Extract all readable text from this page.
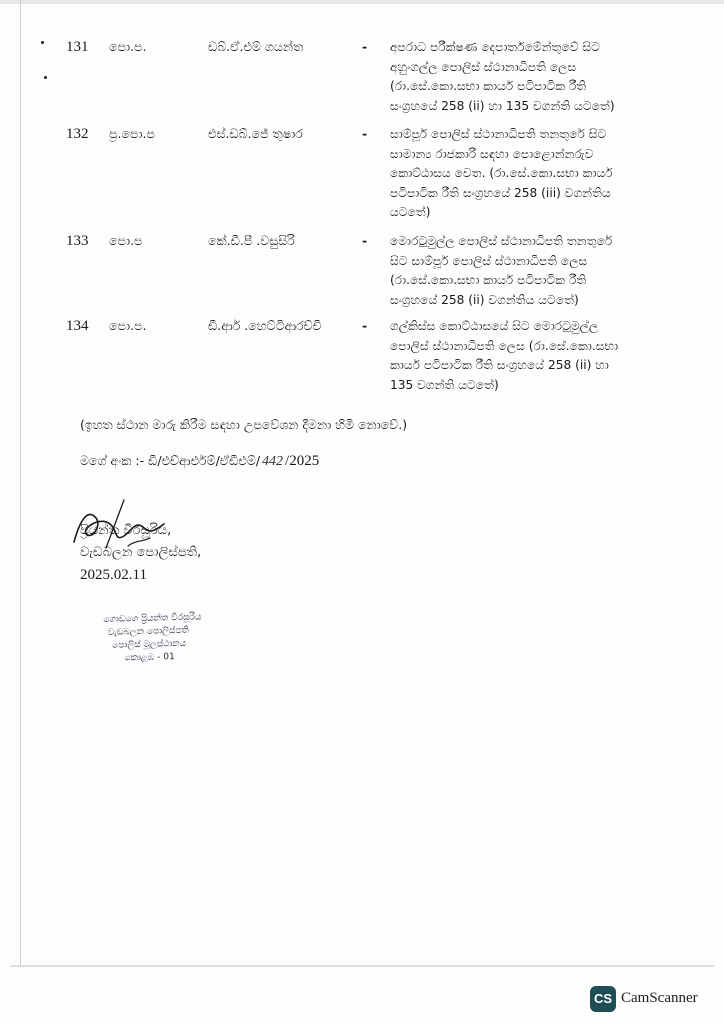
131	පො.ප.	ඩබ්.ඒ.එම් ගයන්ත	-	අපරාධ පරීක්ෂණ දෙපාර්තමේන්තුවේ සිට
අහුංගල්ල පොලිස් ස්ථානාධිපති ලෙස
(රා.සේ.කො.සභා කාර්ය පටිපාටික රීති
සංග්‍රහයේ 258 (ii) හා 135 වගන්ති යටතේ)
132	ප්‍ර.පො.ප	එස්.ඩබ්.ජේ තුෂාර	-	සාම්පූර් පොලිස් ස්ථානාධිපති තනතුරේ සිට
සාමාන්‍ය රාජකාරි සඳහා පොළොන්නරුව
කොට්ඨාසය වෙත. (රා.සේ.කො.සභා කාර්ය
පටිපාටික රීති සංග්‍රහයේ 258 (iii) වගන්තිය
යටතේ)
133	පො.ප	කේ.ඩී.පී .වසුසිරි	-	මොරටුමුල්ල පොලිස් ස්ථානාධිපති තනතුරේ
සිට සාම්පූර් පොලිස් ස්ථානාධිපති ලෙස
(රා.සේ.කො.සභා කාර්ය පටිපාටික රීති
සංග්‍රහයේ 258 (ii) වගන්තිය යටතේ)
134	පො.ප.	ඩී.ආර් .හෙට්ටිආරච්චි	-	ගල්කිස්ස කොට්ඨාසයේ සිට මොරටුමුල්ල
පොලිස් ස්ථානාධිපති ලෙස (රා.සේ.කො.සභා
කාර්ය පටිපාටික රීති සංග්‍රහයේ 258 (ii) හා
135 වගන්ති යටතේ)
(ඉහත ස්ථාන මාරු කිරීම සඳහා උපවේශන දීමනා හිමි නොවේ.)
මගේ අංක :- ඩී/එච්ආර්එම්/ඒඩීඑම්/ 442 /2025
ප්‍රියන්ත වීරසූරිය,
වැඩබලන පොලිස්පති,
2025.02.11
ගොඩගෙ ප්‍රියන්ත වීරසූරිය
වැඩබලන පොලිස්පති
පොලිස් මූලස්ථානය
කොළඹ - 01
CS CamScanner
